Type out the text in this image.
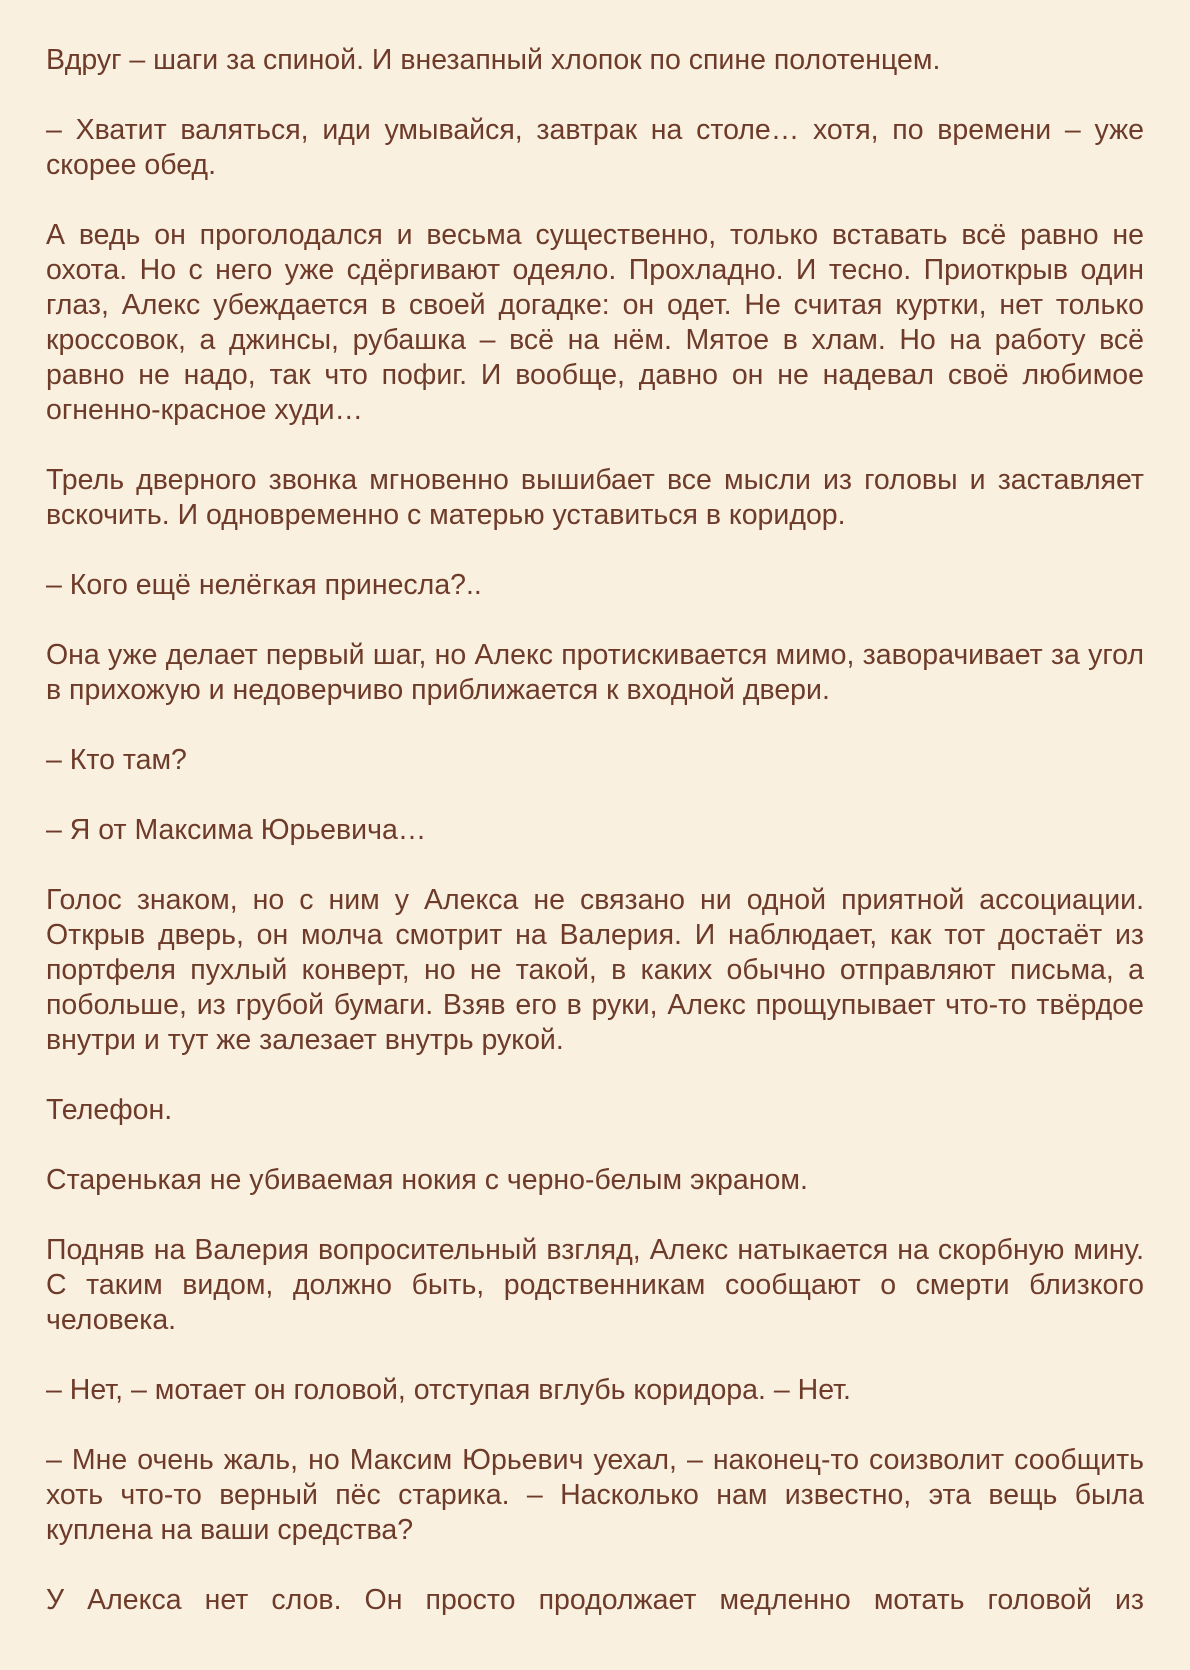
Вдруг – шаги за спиной. И внезапный хлопок по спине полотенцем.

– Хватит валяться, иди умывайся, завтрак на столе… хотя, по времени – уже скорее обед.

А ведь он проголодался и весьма существенно, только вставать всё равно не охота. Но с него уже сдёргивают одеяло. Прохладно. И тесно. Приоткрыв один глаз, Алекс убеждается в своей догадке: он одет. Не считая куртки, нет только кроссовок, а джинсы, рубашка – всё на нём. Мятое в хлам. Но на работу всё равно не надо, так что пофиг. И вообще, давно он не надевал своё любимое огненно-красное худи…

Трель дверного звонка мгновенно вышибает все мысли из головы и заставляет вскочить. И одновременно с матерью уставиться в коридор.

– Кого ещё нелёгкая принесла?..

Она уже делает первый шаг, но Алекс протискивается мимо, заворачивает за угол в прихожую и недоверчиво приближается к входной двери.

– Кто там?

– Я от Максима Юрьевича…

Голос знаком, но с ним у Алекса не связано ни одной приятной ассоциации. Открыв дверь, он молча смотрит на Валерия. И наблюдает, как тот достаёт из портфеля пухлый конверт, но не такой, в каких обычно отправляют письма, а побольше, из грубой бумаги. Взяв его в руки, Алекс прощупывает что-то твёрдое внутри и тут же залезает внутрь рукой.

Телефон.

Старенькая не убиваемая нокия с черно-белым экраном.

Подняв на Валерия вопросительный взгляд, Алекс натыкается на скорбную мину. С таким видом, должно быть, родственникам сообщают о смерти близкого человека.

– Нет, – мотает он головой, отступая вглубь коридора. – Нет.

– Мне очень жаль, но Максим Юрьевич уехал, – наконец-то соизволит сообщить хоть что-то верный пёс старика. – Насколько нам известно, эта вещь была куплена на ваши средства?

У Алекса нет слов. Он просто продолжает медленно мотать головой из
